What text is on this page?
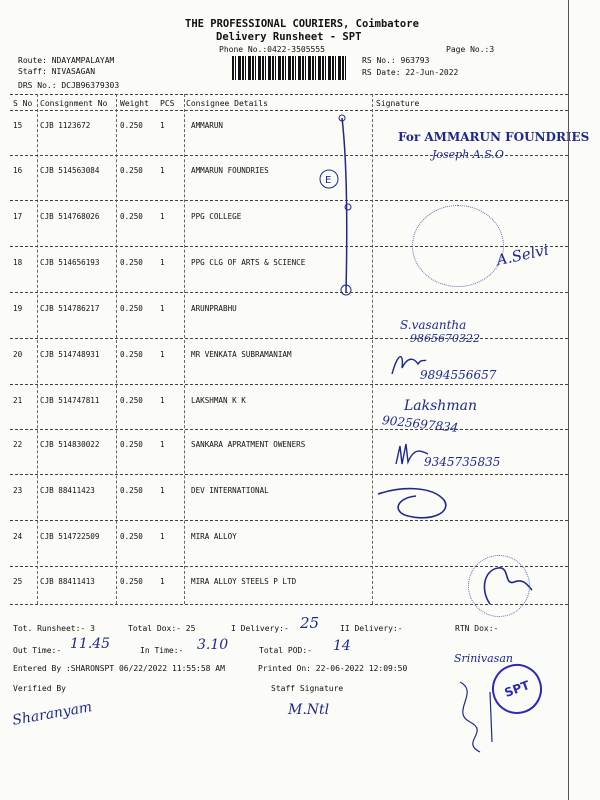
THE PROFESSIONAL COURIERS, Coimbatore
Delivery Runsheet - SPT
Phone No.:0422-3505555	Page No.:3
Route: NDAYAMPALAYAM
Staff: NIVASAGAN
DRS No.: DCJB96379303
RS No.: 963793
RS Date: 22-Jun-2022
S No Consignment No Weight PCS Consignee Details	Signature
15 CJB 1123672	0.250 1	AMMARUN
16 CJB 514563084	0.250 1	AMMARUN FOUNDRIES
17 CJB 514768026	0.250 1	PPG COLLEGE
18 CJB 514656193	0.250 1	PPG CLG OF ARTS & SCIENCE
19 CJB 514786217	0.250 1	ARUNPRABHU
20 CJB 514748931	0.250 1	MR VENKATA SUBRAMANIAM
21 CJB 514747811	0.250 1	LAKSHMAN K K
22 CJB 514830022	0.250 1	SANKARA APRATMENT OWENERS
23 CJB 88411423	0.250 1	DEV INTERNATIONAL
24 CJB 514722509	0.250 1	MIRA ALLOY
25 CJB 88411413	0.250 1	MIRA ALLOY STEELS P LTD
E
For AMMARUN FOUNDRIES
Joseph A.S.O
A.Selvi
S.vasantha
9865670322
9894556657
Lakshman
9025697834
9345735835
Tot. Runsheet:- 3	Total Dox:- 25	I Delivery:- 25	II Delivery:-	RTN Dox:-
Out Time:- 11.45	In Time:- 3.10	Total POD:- 14
Entered By :SHARONSPT 06/22/2022 11:55:58 AM	Printed On: 22-06-2022 12:09:50
Verified By	Staff Signature
Sharanyam	M.Ntl
Srinivasan
SPT
